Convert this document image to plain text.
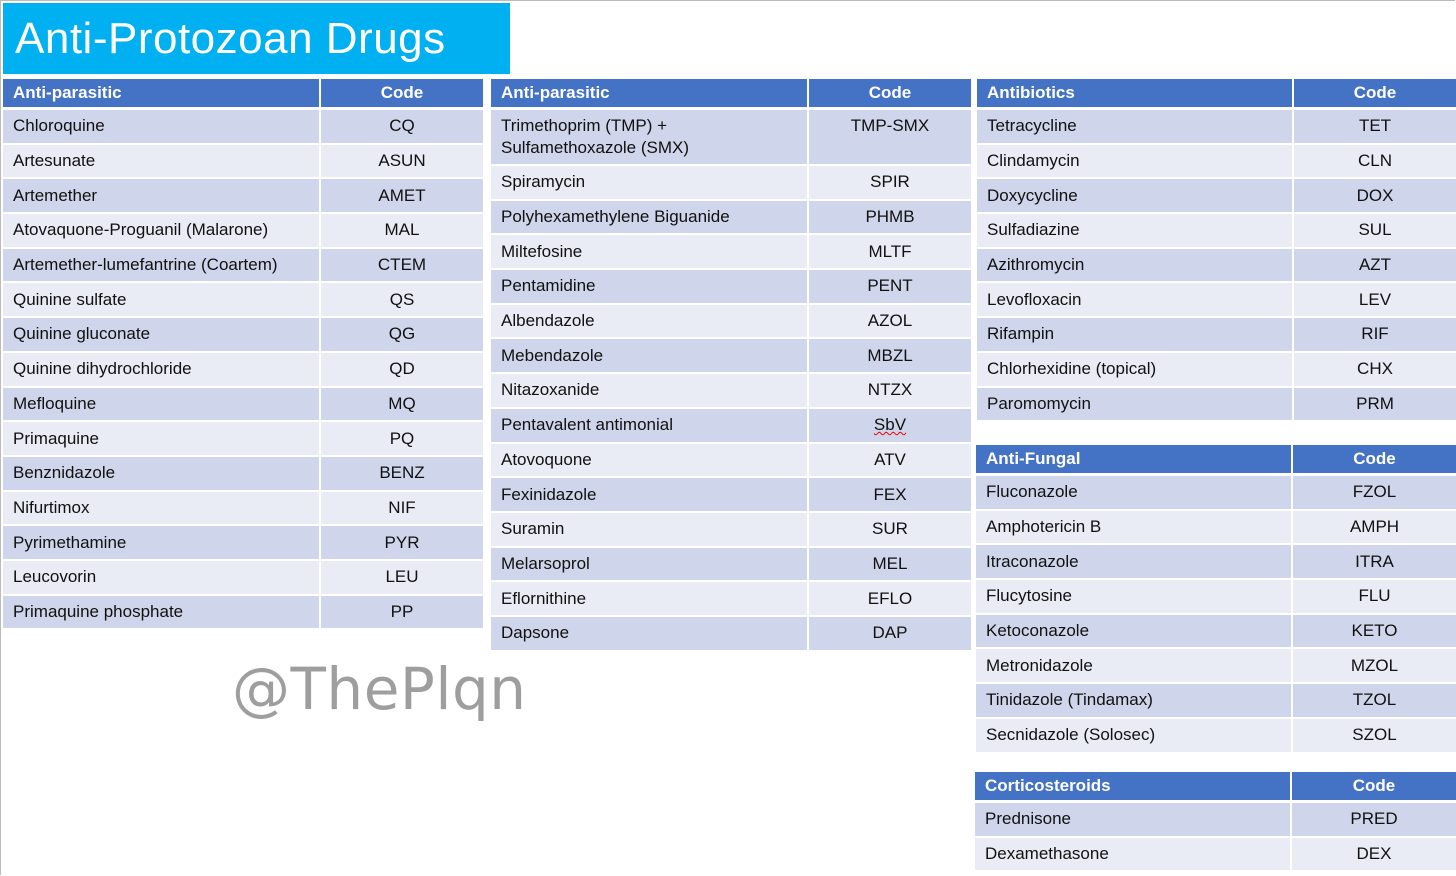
Anti-Protozoan Drugs
Anti-parasitic	Code
Chloroquine	CQ
Artesunate	ASUN
Artemether	AMET
Atovaquone-Proguanil (Malarone)	MAL
Artemether-lumefantrine (Coartem)	CTEM
Quinine sulfate	QS
Quinine gluconate	QG
Quinine dihydrochloride	QD
Mefloquine	MQ
Primaquine	PQ
Benznidazole	BENZ
Nifurtimox	NIF
Pyrimethamine	PYR
Leucovorin	LEU
Primaquine phosphate	PP
Anti-parasitic	Code
Trimethoprim (TMP) + Sulfamethoxazole (SMX)	TMP-SMX
Spiramycin	SPIR
Polyhexamethylene Biguanide	PHMB
Miltefosine	MLTF
Pentamidine	PENT
Albendazole	AZOL
Mebendazole	MBZL
Nitazoxanide	NTZX
Pentavalent antimonial	SbV
Atovoquone	ATV
Fexinidazole	FEX
Suramin	SUR
Melarsoprol	MEL
Eflornithine	EFLO
Dapsone	DAP
Antibiotics	Code
Tetracycline	TET
Clindamycin	CLN
Doxycycline	DOX
Sulfadiazine	SUL
Azithromycin	AZT
Levofloxacin	LEV
Rifampin	RIF
Chlorhexidine (topical)	CHX
Paromomycin	PRM
Anti-Fungal	Code
Fluconazole	FZOL
Amphotericin B	AMPH
Itraconazole	ITRA
Flucytosine	FLU
Ketoconazole	KETO
Metronidazole	MZOL
Tinidazole (Tindamax)	TZOL
Secnidazole (Solosec)	SZOL
Corticosteroids	Code
Prednisone	PRED
Dexamethasone	DEX
@ThePlqn
